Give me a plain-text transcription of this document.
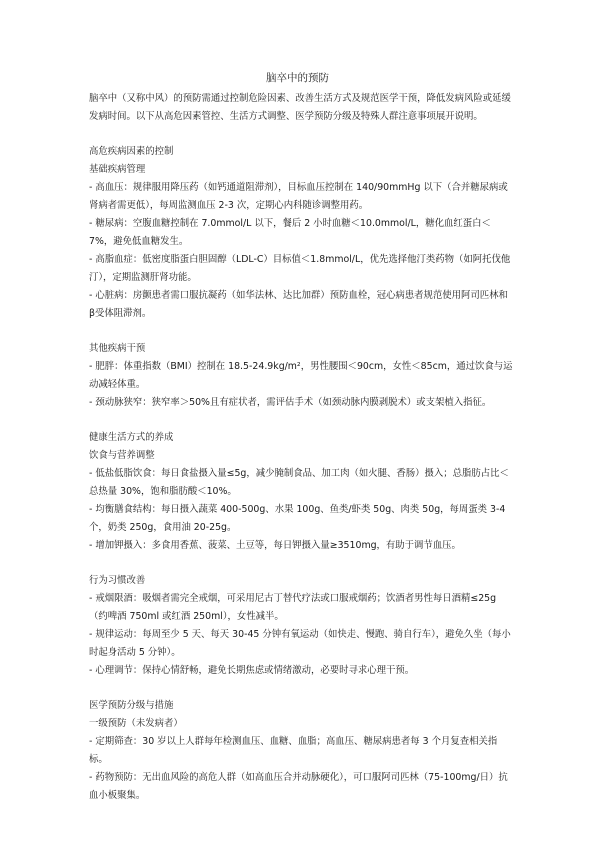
脑卒中的预防

脑卒中（又称中风）的预防需通过控制危险因素、改善生活方式及规范医学干预，降低发病风险或延缓发病时间。以下从高危因素管控、生活方式调整、医学预防分级及特殊人群注意事项展开说明。

高危疾病因素的控制

基础疾病管理

- 高血压：规律服用降压药（如钙通道阻滞剂），目标血压控制在 140/90mmHg 以下（合并糖尿病或肾病者需更低），每周监测血压 2-3 次，定期心内科随诊调整用药。

- 糖尿病：空腹血糖控制在 7.0mmol/L 以下，餐后 2 小时血糖＜10.0mmol/L，糖化血红蛋白＜7%，避免低血糖发生。

- 高脂血症：低密度脂蛋白胆固醇（LDL-C）目标值＜1.8mmol/L，优先选择他汀类药物（如阿托伐他汀），定期监测肝肾功能。

- 心脏病：房颤患者需口服抗凝药（如华法林、达比加群）预防血栓，冠心病患者规范使用阿司匹林和β受体阻滞剂。

其他疾病干预

- 肥胖：体重指数（BMI）控制在 18.5-24.9kg/m²，男性腰围＜90cm，女性＜85cm，通过饮食与运动减轻体重。

- 颈动脉狭窄：狭窄率＞50%且有症状者，需评估手术（如颈动脉内膜剥脱术）或支架植入指征。

健康生活方式的养成

饮食与营养调整

- 低盐低脂饮食：每日食盐摄入量≤5g，减少腌制食品、加工肉（如火腿、香肠）摄入；总脂肪占比＜总热量 30%，饱和脂肪酸＜10%。

- 均衡膳食结构：每日摄入蔬菜 400-500g、水果 100g、鱼类/虾类 50g、肉类 50g，每周蛋类 3-4 个，奶类 250g，食用油 20-25g。

- 增加钾摄入：多食用香蕉、菠菜、土豆等，每日钾摄入量≥3510mg，有助于调节血压。

行为习惯改善

- 戒烟限酒：吸烟者需完全戒烟，可采用尼古丁替代疗法或口服戒烟药；饮酒者男性每日酒精≤25g（约啤酒 750ml 或红酒 250ml），女性减半。

- 规律运动：每周至少 5 天、每天 30-45 分钟有氧运动（如快走、慢跑、骑自行车），避免久坐（每小时起身活动 5 分钟）。

- 心理调节：保持心情舒畅，避免长期焦虑或情绪激动，必要时寻求心理干预。

医学预防分级与措施

一级预防（未发病者）

- 定期筛查：30 岁以上人群每年检测血压、血糖、血脂；高血压、糖尿病患者每 3 个月复查相关指标。

- 药物预防：无出血风险的高危人群（如高血压合并动脉硬化），可口服阿司匹林（75-100mg/日）抗血小板聚集。
